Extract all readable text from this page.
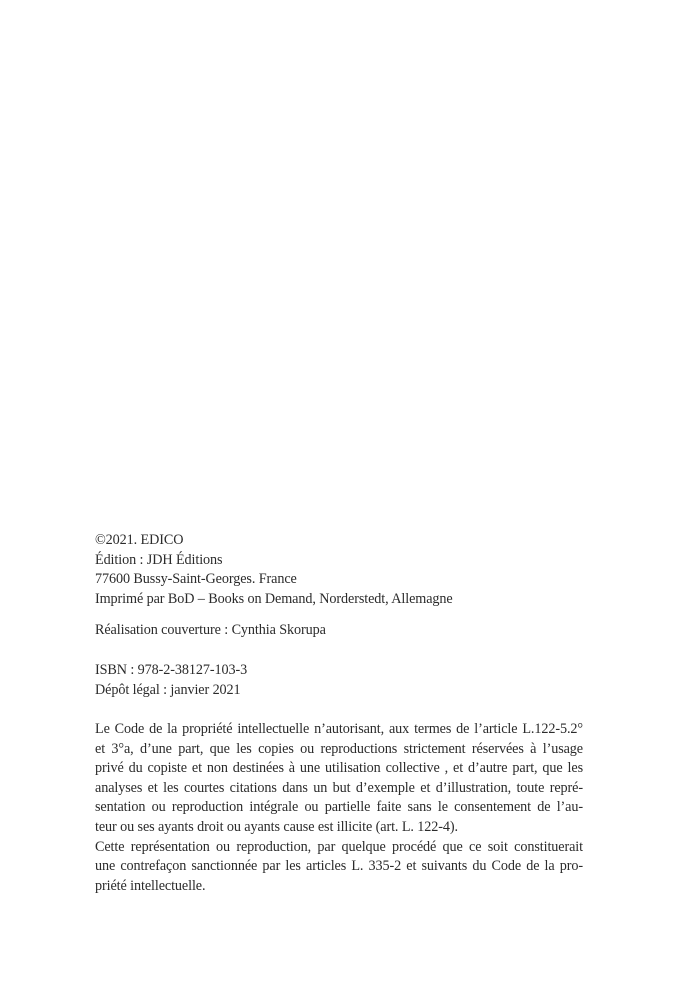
©2021. EDICO
Édition : JDH Éditions
77600 Bussy-Saint-Georges. France
Imprimé par BoD – Books on Demand, Norderstedt, Allemagne
Réalisation couverture : Cynthia Skorupa
ISBN : 978-2-38127-103-3
Dépôt légal : janvier 2021
Le Code de la propriété intellectuelle n’autorisant, aux termes de l’article L.122-5.2°
et 3°a, d’une part, que les copies ou reproductions strictement réservées à l’usage
privé du copiste et non destinées à une utilisation collective , et d’autre part, que les
analyses et les courtes citations dans un but d’exemple et d’illustration, toute repré-
sentation ou reproduction intégrale ou partielle faite sans le consentement de l’au-
teur ou ses ayants droit ou ayants cause est illicite (art. L. 122-4).
Cette représentation ou reproduction, par quelque procédé que ce soit constituerait
une contrefaçon sanctionnée par les articles L. 335-2 et suivants du Code de la pro-
priété intellectuelle.
